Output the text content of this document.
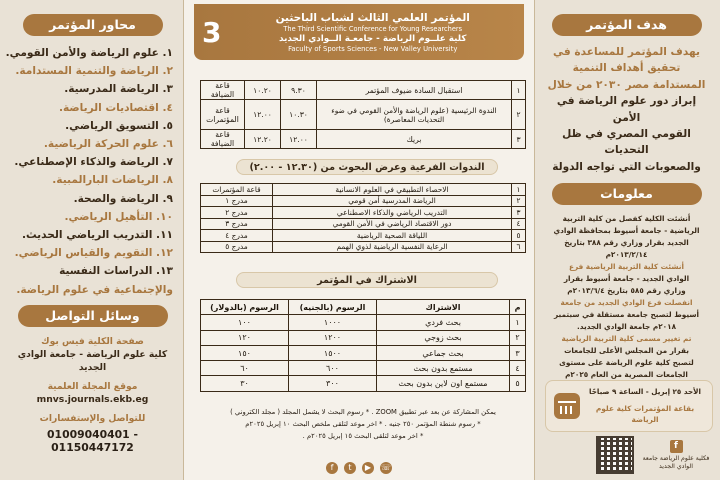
محاور المؤتمر
١. علوم الرياضة والأمن القومي.
٢. الرياضة والتنمية المستدامة.
٣. الرياضة المدرسية.
٤. اقتصاديات الرياضة.
٥. التسويق الرياضي.
٦. علوم الحركة الرياضية.
٧. الرياضة والذكاء الإصطناعي.
٨. الرياضات البارالمبية.
٩. الرياضة والصحة.
١٠. التأهيل الرياضي.
١١. التدريب الرياضي الحديث.
١٢. التقويم والقياس الرياضي.
١٣. الدراسات النفسية
والإجتماعية في علوم الرياضة.
وسائل التواصل
صفحة الكلية فيس بوك
كلية علوم الرياضة - جامعة الوادي الجديد
موقع المجلة العلمية
mnvs.journals.ekb.eg
للتواصل والإستفسارات
01009040401 - 01150447172
المؤتمر العلمي الثالث لشباب الباحثين
The Third Scientific Conference for Young Researchers
كلية علــوم الرياضة - جامعـة الــوادي الجديد
Faculty of Sports Sciences - New Valley University
3
١	استقبال السادة ضيوف المؤتمر	٩.٣٠	١٠.٢٠	قاعة الضيافة
٢	الندوة الرئيسية (علوم الرياضة والأمن القومي في ضوء التحديات المعاصرة)	١٠.٣٠	١٢.٠٠	قاعة المؤتمرات
٣	بريك	١٢.٠٠	١٢.٢٠	قاعة الضيافة
الندوات الفرعية وعرض البحوث من (١٢.٣٠ - ٢.٠٠)
١	الاحصاء التطبيقي في العلوم الانسانية	قاعة المؤتمرات
٢	الرياضة المدرسية أمن قومي	مدرج ١
٣	التدريب الرياضي والذكاء الاصطناعي	مدرج ٢
٤	دور الاقتصاد الرياضي في الأمن القومي	مدرج ٣
٥	اللياقة الصحية الرياضية	مدرج ٤
٦	الرعاية النفسية الرياضية لذوي الهمم	مدرج ٥
الاشتراك في المؤتمر
م	الاشتراك	الرسوم (بالجنيه)	الرسوم (بالدولار)
١	بحث فردي	١٠٠٠	١٠٠
٢	بحث زوجي	١٢٠٠	١٢٠
٣	بحث جماعي	١٥٠٠	١٥٠
٤	مستمع بدون بحث	٦٠٠	٦٠
٥	مستمع اون لاين بدون بحث	٣٠٠	٣٠
يمكن المشاركة عن بعد عبر تطبيق ZOOM . * رسوم البحث لا يشمل المجلد ( مجلد الكتروني )
* رسوم شنطة المؤتمر ٢٥٠ جنيه . * اخر موعد لتلقى ملخص البحث ١٠ إبريل ٢٠٢٥م
* اخر موعد لتلقى البحث ١٥ إبريل ٢٠٢٥م .
f	t	▶	☏
هدف المؤتمر
يهدف المؤتمر للمساعدة في
تحقيق أهداف التنمية
المستدامة مصر ٢٠٣٠ من خلال
إبراز دور علوم الرياضة في الأمن
القومي المصري في ظل التحديات
والصعوبات التي تواجه الدولة
معلومات

أنشئت الكلية كفصل من كلية التربية

الرياضية - جامعة أسيوط بمحافظة الوادي

الجديد بقرار وزاري رقم ٣٨٨ بتاريخ

٢٠١٣/٢/١٤م

أنشئت كلية التربية الرياضية فرع

الوادي الجديد - جامعة أسيوط بقرار

وزاري رقم ٥٨٥ بتاريخ ٢٠١٣/٦/٤م

انفصلت فرع الوادي الجديد من جامعة

أسيوط لتصبح جامعة مستقلة في سبتمبر

٢٠١٨م جامعة الوادي الجديد.

تم تغيير مسمى كلية التربية الرياضية

بقرار من المجلس الأعلى للجامعات

لتصبح كلية علوم الرياضة على مستوى

الجامعات المصرية من العام ٢٠٢٥م

الأحد ٢٥ إبريل - الساعة ٩ صباحًا
بقاعة المؤتمرات كلية علوم الرياضة
f
فكلية علوم الرياضة جامعة الوادي الجديد
